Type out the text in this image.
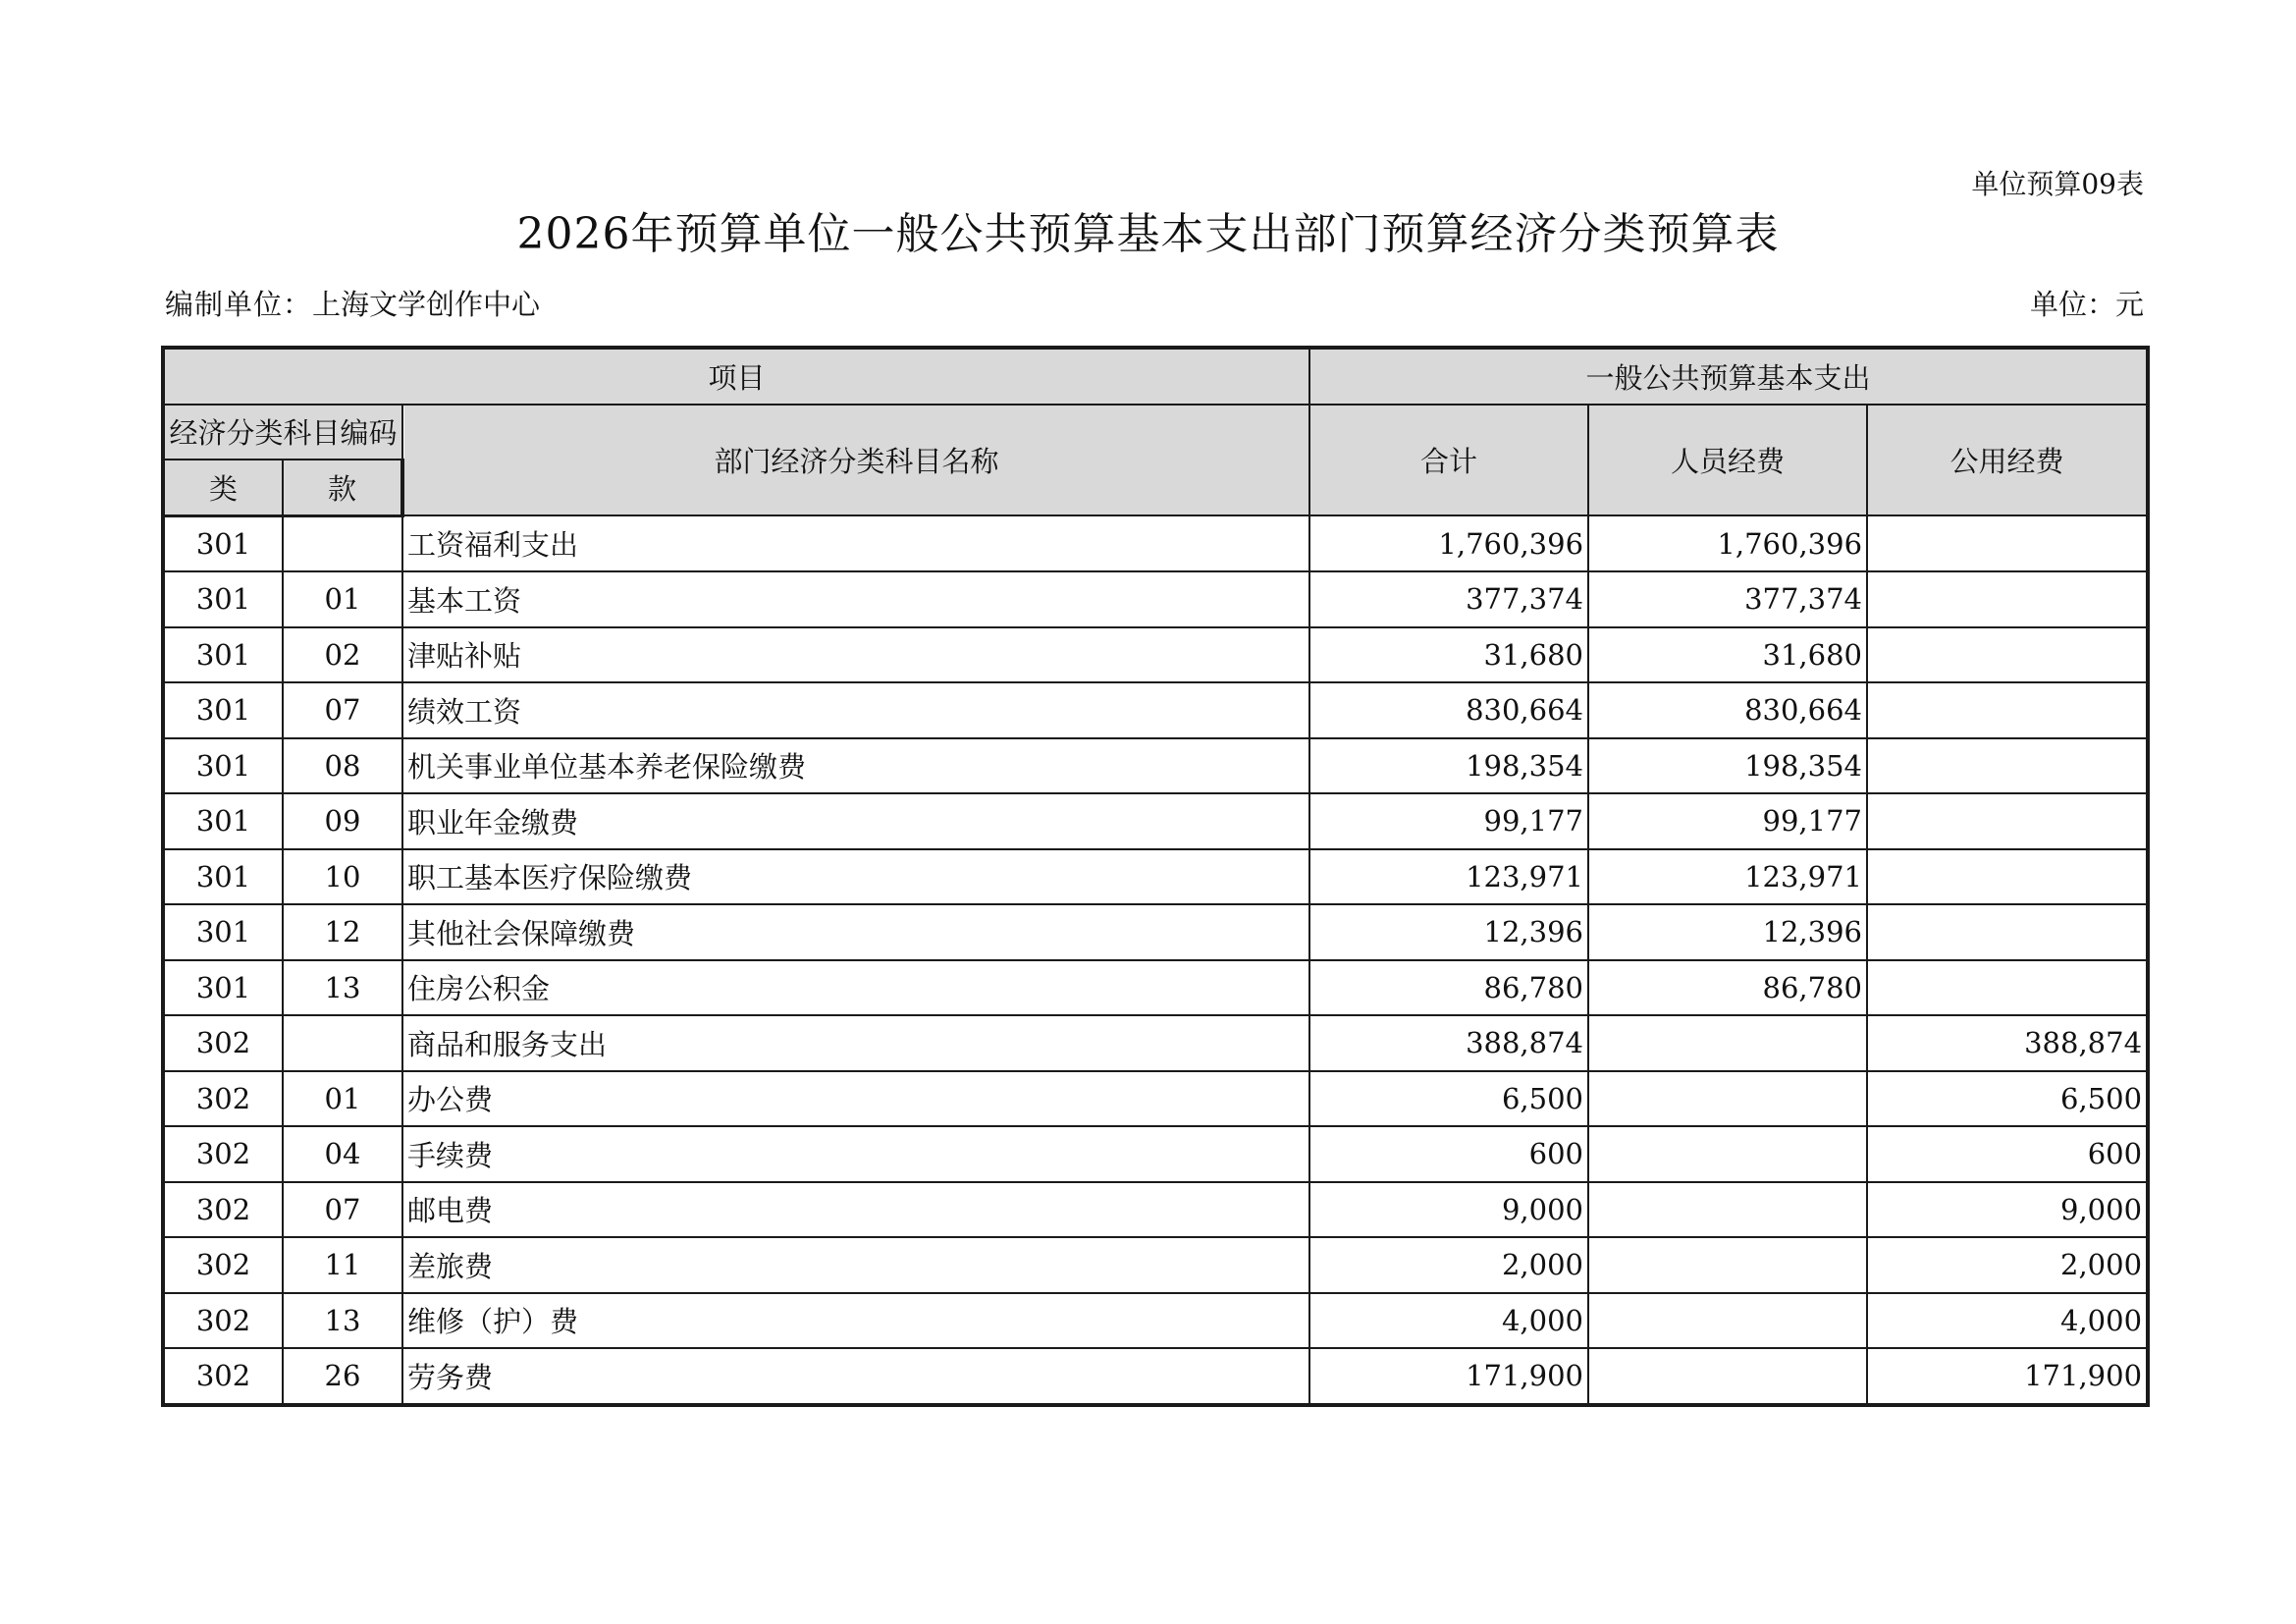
单位预算09表
2026年预算单位一般公共预算基本支出部门预算经济分类预算表
编制单位：上海文学创作中心	单位：元
项目			一般公共预算基本支出		
经济分类科目编码		部门经济分类科目名称	合计	人员经费	公用经费
类	款				
301		工资福利支出	1,760,396	1,760,396	
301	01	基本工资	377,374	377,374	
301	02	津贴补贴	31,680	31,680	
301	07	绩效工资	830,664	830,664	
301	08	机关事业单位基本养老保险缴费	198,354	198,354	
301	09	职业年金缴费	99,177	99,177	
301	10	职工基本医疗保险缴费	123,971	123,971	
301	12	其他社会保障缴费	12,396	12,396	
301	13	住房公积金	86,780	86,780	
302		商品和服务支出	388,874		388,874
302	01	办公费	6,500		6,500
302	04	手续费	600		600
302	07	邮电费	9,000		9,000
302	11	差旅费	2,000		2,000
302	13	维修（护）费	4,000		4,000
302	26	劳务费	171,900		171,900
